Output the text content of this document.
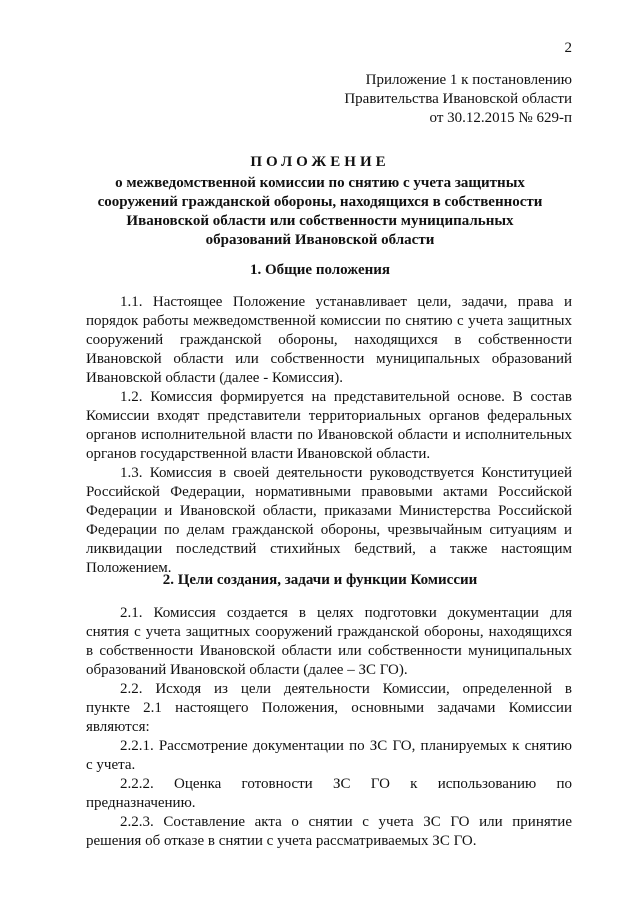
2
Приложение 1 к постановлению
Правительства Ивановской области
от 30.12.2015 № 629-п
ПОЛОЖЕНИЕ
о межведомственной комиссии по снятию с учета защитных
сооружений гражданской обороны, находящихся в собственности
Ивановской области или собственности муниципальных
образований Ивановской области
1. Общие положения
1.1. Настоящее Положение устанавливает цели, задачи, права и
порядок работы межведомственной комиссии по снятию с учета защитных
сооружений гражданской обороны, находящихся в собственности
Ивановской области или собственности муниципальных образований
Ивановской области (далее - Комиссия).
1.2. Комиссия формируется на представительной основе. В состав
Комиссии входят представители территориальных органов федеральных
органов исполнительной власти по Ивановской области и исполнительных
органов государственной власти Ивановской области.
1.3. Комиссия в своей деятельности руководствуется Конституцией
Российской Федерации, нормативными правовыми актами Российской
Федерации и Ивановской области, приказами Министерства Российской
Федерации по делам гражданской обороны, чрезвычайным ситуациям и
ликвидации последствий стихийных бедствий, а также настоящим
Положением.
2. Цели создания, задачи и функции Комиссии
2.1. Комиссия создается в целях подготовки документации для
снятия с учета защитных сооружений гражданской обороны, находящихся
в собственности Ивановской области или собственности муниципальных
образований Ивановской области (далее – ЗС ГО).
2.2. Исходя из цели деятельности Комиссии, определенной в
пункте 2.1 настоящего Положения, основными задачами Комиссии
являются:
2.2.1. Рассмотрение документации по ЗС ГО, планируемых к снятию
с учета.
2.2.2. Оценка готовности ЗС ГО к использованию по
предназначению.
2.2.3. Составление акта о снятии с учета ЗС ГО или принятие
решения об отказе в снятии с учета рассматриваемых ЗС ГО.
